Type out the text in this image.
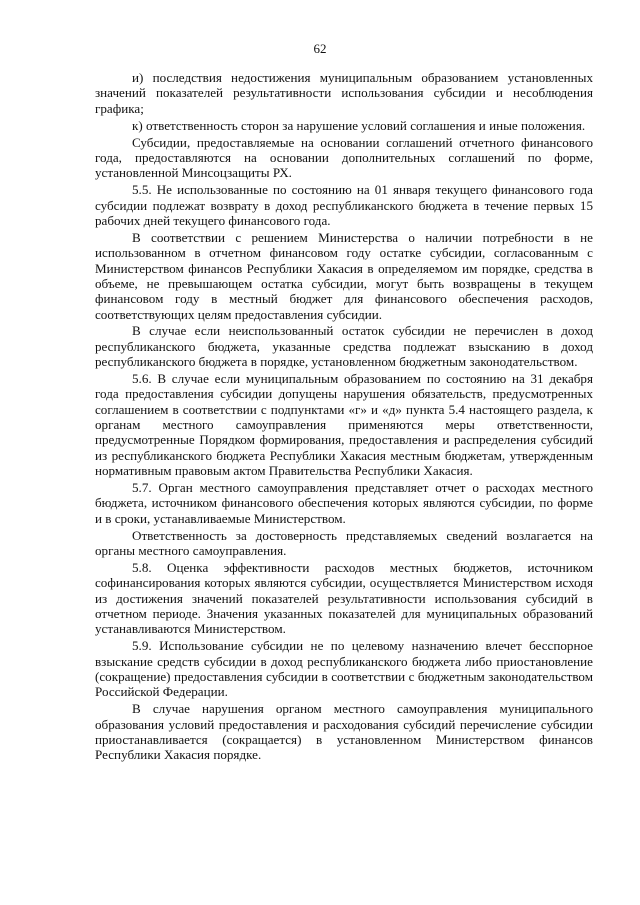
62

и) последствия недостижения муниципальным образованием установленных значений показателей результативности использования субсидии и несоблюдения графика;

к) ответственность сторон за нарушение условий соглашения и иные положения.

Субсидии, предоставляемые на основании соглашений отчетного финансового года, предоставляются на основании дополнительных соглашений по форме, установленной Минсоцзащиты РХ.

5.5. Не использованные по состоянию на 01 января текущего финансового года субсидии подлежат возврату в доход республиканского бюджета в течение первых 15 рабочих дней текущего финансового года.

В соответствии с решением Министерства о наличии потребности в не использованном в отчетном финансовом году остатке субсидии, согласованным с Министерством финансов Республики Хакасия в определяемом им порядке, средства в объеме, не превышающем остатка субсидии, могут быть возвращены в текущем финансовом году в местный бюджет для финансового обеспечения расходов, соответствующих целям предоставления субсидии.

В случае если неиспользованный остаток субсидии не перечислен в доход республиканского бюджета, указанные средства подлежат взысканию в доход республиканского бюджета в порядке, установленном бюджетным законодательством.

5.6. В случае если муниципальным образованием по состоянию на 31 декабря года предоставления субсидии допущены нарушения обязательств, предусмотренных соглашением в соответствии с подпунктами «г» и «д» пункта 5.4 настоящего раздела, к органам местного самоуправления применяются меры ответственности, предусмотренные Порядком формирования, предоставления и распределения субсидий из республиканского бюджета Республики Хакасия местным бюджетам, утвержденным нормативным правовым актом Правительства Республики Хакасия.

5.7. Орган местного самоуправления представляет отчет о расходах местного бюджета, источником финансового обеспечения которых являются субсидии, по форме и в сроки, устанавливаемые Министерством.

Ответственность за достоверность представляемых сведений возлагается на органы местного самоуправления.

5.8. Оценка эффективности расходов местных бюджетов, источником софинансирования которых являются субсидии, осуществляется Министерством исходя из достижения значений показателей результативности использования субсидий в отчетном периоде. Значения указанных показателей для муниципальных образований устанавливаются Министерством.

5.9. Использование субсидии не по целевому назначению влечет бесспорное взыскание средств субсидии в доход республиканского бюджета либо приостановление (сокращение) предоставления субсидии в соответствии с бюджетным законодательством Российской Федерации.

В случае нарушения органом местного самоуправления муниципального образования условий предоставления и расходования субсидий перечисление субсидии приостанавливается (сокращается) в установленном Министерством финансов Республики Хакасия порядке.
